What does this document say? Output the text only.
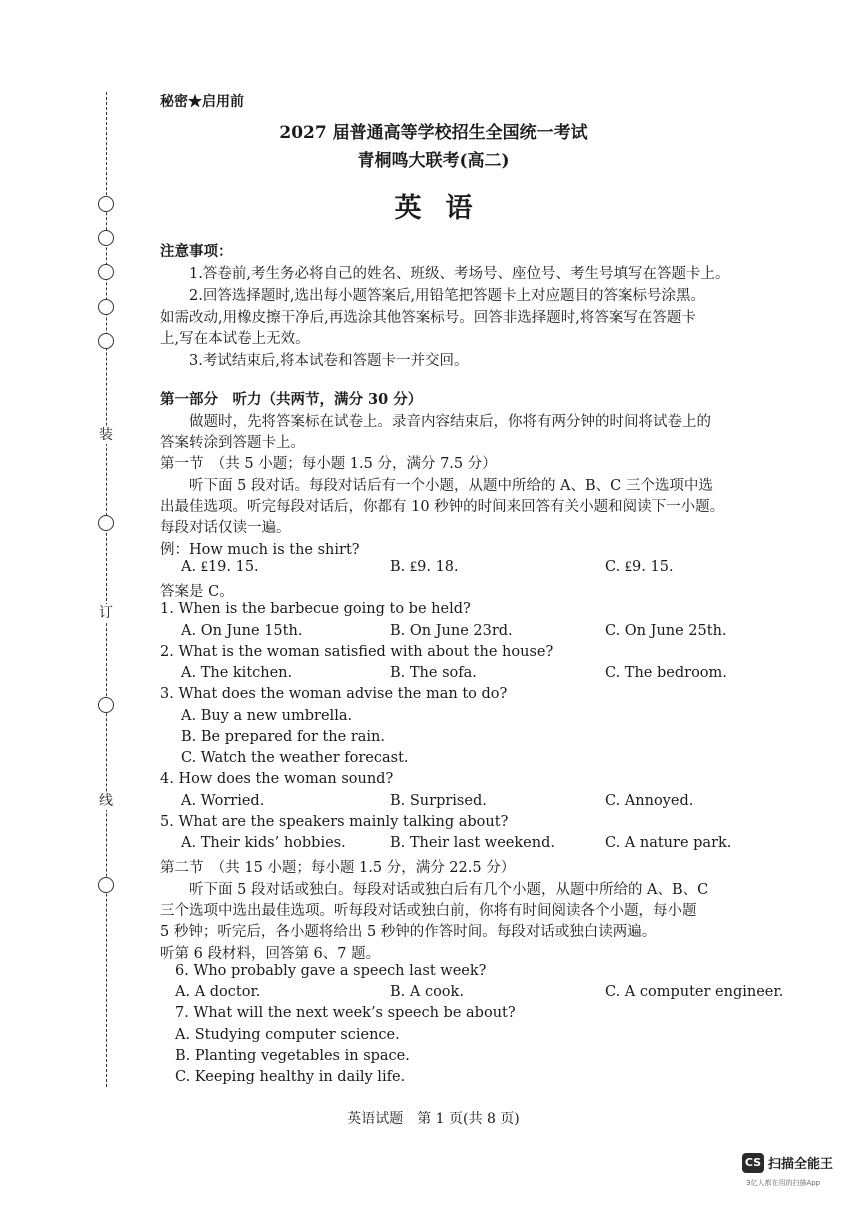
装
订
线
秘密★启用前
2027 届普通高等学校招生全国统一考试
青桐鸣大联考(高二)
英语
注意事项：
1.答卷前,考生务必将自己的姓名、班级、考场号、座位号、考生号填写在答题卡上。
2.回答选择题时,选出每小题答案后,用铅笔把答题卡上对应题目的答案标号涂黑。
如需改动,用橡皮擦干净后,再选涂其他答案标号。回答非选择题时,将答案写在答题卡
上,写在本试卷上无效。
3.考试结束后,将本试卷和答题卡一并交回。
第一部分　听力（共两节，满分 30 分）
做题时，先将答案标在试卷上。录音内容结束后，你将有两分钟的时间将试卷上的
答案转涂到答题卡上。
第一节　（共 5 小题；每小题 1.5 分，满分 7.5 分）
听下面 5 段对话。每段对话后有一个小题，从题中所给的 A、B、C 三个选项中选
出最佳选项。听完每段对话后，你都有 10 秒钟的时间来回答有关小题和阅读下一小题。
每段对话仅读一遍。
例：How much is the shirt?
A. ₤19. 15.	B. ₤9. 18.	C. ₤9. 15.
答案是 C。
1. When is the barbecue going to be held?
A. On June 15th.	B. On June 23rd.	C. On June 25th.
2. What is the woman satisfied with about the house?
A. The kitchen.	B. The sofa.	C. The bedroom.
3. What does the woman advise the man to do?
A. Buy a new umbrella.
B. Be prepared for the rain.
C. Watch the weather forecast.
4. How does the woman sound?
A. Worried.	B. Surprised.	C. Annoyed.
5. What are the speakers mainly talking about?
A. Their kids’ hobbies.	B. Their last weekend.	C. A nature park.
第二节　（共 15 小题；每小题 1.5 分，满分 22.5 分）
听下面 5 段对话或独白。每段对话或独白后有几个小题，从题中所给的 A、B、C
三个选项中选出最佳选项。听每段对话或独白前，你将有时间阅读各个小题，每小题
5 秒钟；听完后，各小题将给出 5 秒钟的作答时间。每段对话或独白读两遍。
听第 6 段材料，回答第 6、7 题。
6. Who probably gave a speech last week?
A. A doctor.	B. A cook.	C. A computer engineer.
7. What will the next week’s speech be about?
A. Studying computer science.
B. Planting vegetables in space.
C. Keeping healthy in daily life.
英语试题　第 1 页(共 8 页)
CS 扫描全能王
3亿人都在用的扫描App
